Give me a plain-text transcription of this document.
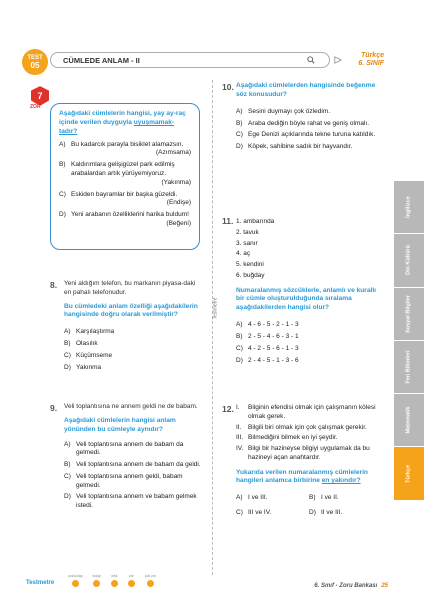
TEST
05
CÜMLEDE ANLAM - II
Türkçe
6. SINIF
7
ZOR
Aşağıdaki cümlelerin hangisi, yay ay-raç içinde verilen duyguyla uyuşmamak-tadır?
A) Bu kadarcık parayla bisiklet alamazsın.
(Azımsama)
B) Kaldırımlara gelişigüzel park edilmiş arabalardan artık yürüyemiyoruz.
(Yakınma)
C) Eskiden bayramlar bir başka güzeldi.
(Endişe)
D) Yeni arabanın özelliklerini harika buldum!
(Beğeni)
8. Yeni aldığım telefon, bu markanın piyasa-daki en pahalı telefonudur.
Bu cümledeki anlam özelliği aşağıdakilerin hangisinde doğru olarak verilmiştir?
A) Karşılaştırma
B) Olasılık
C) Küçümseme
D) Yakınma
9. Veli toplantısına ne annem geldi ne de babam.
Aşağıdaki cümlelerin hangisi anlam yönünden bu cümleyle aynıdır?
A) Veli toplantısına annem de babam da gelmedi.
B) Veli toplantısına annem de babam da geldi.
C) Veli toplantısına annem geldi, babam gelmedi.
D) Veli toplantısına annem ve babam gelmek istedi.
Testmetre
10. Aşağıdaki cümlelerden hangisinde beğenme söz konusudur?
A) Sesini duymayı çok özledim.
B) Araba dediğin böyle rahat ve geniş olmalı.
C) Ege Denizi açıklarında tekne turuna katıldık.
D) Köpek, sahibine sadık bir hayvandır.
11. 1. ambarında
2. tavuk
3. sanır
4. aç
5. kendini
6. buğday
Numaralanmış sözcüklerle, anlamlı ve kurallı bir cümle oluşturulduğunda sıralama aşağıdakilerden hangisi olur?
A) 4 - 6 - 5 - 2 - 1 - 3
B) 2 - 5 - 4 - 6 - 3 - 1
C) 4 - 2 - 5 - 6 - 1 - 3
D) 2 - 4 - 5 - 1 - 3 - 6
12. I.	Bilginin efendisi olmak için çalışmanın kölesi olmak gerek.
II.	Bilgili biri olmak için çok çalışmak gerekir.
III. Bilmediğini bilmek en iyi şeydir.
IV. Bilgi bir hazineyse bilgiyi uygulamak da bu hazineyi açan anahtardır.
Yukarıda verilen numaralanmış cümlelerin hangileri anlamca birbirine en yakındır?
A) I ve III.	B) I ve II.
C) III ve IV.	D) II ve III.
İngilizce
Din Kültürü
Sosyal Bilgiler
Fen Bilimleri
Matematik
Türkçe
Testmetre
çok kolay	kolay	orta	zor	çok zor
6. Sınıf - Zoru Bankası 25
